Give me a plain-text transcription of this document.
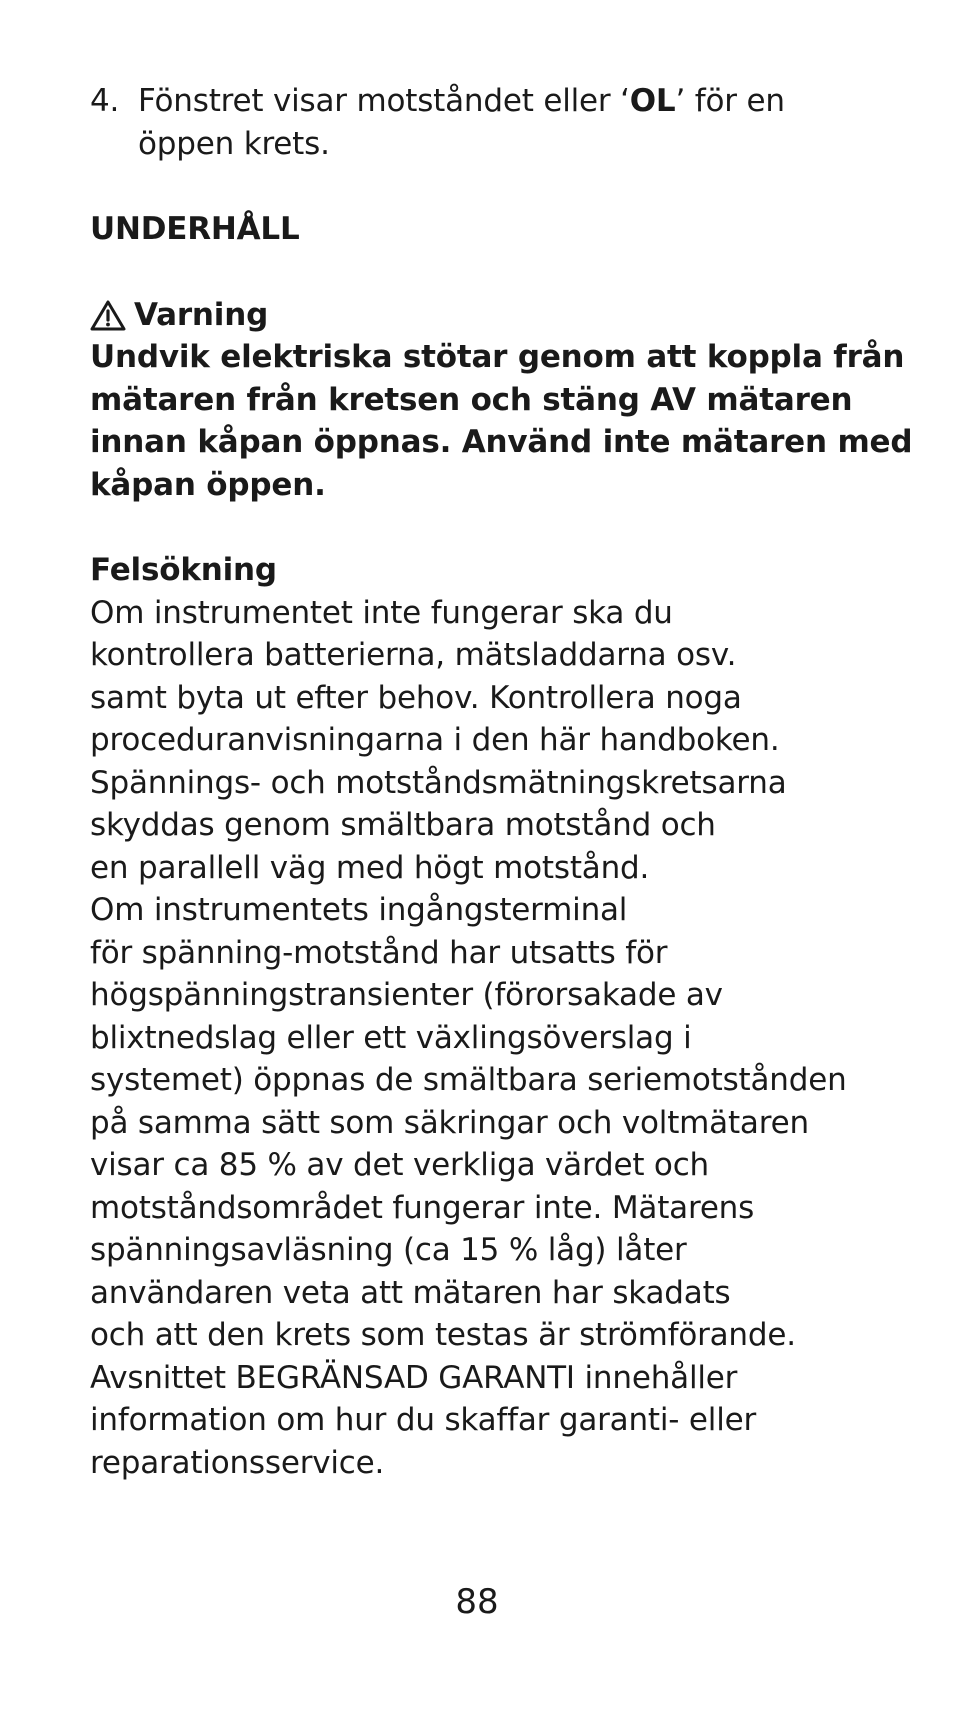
4. Fönstret visar motståndet eller ‘OL’ för en
öppen krets.
UNDERHÅLL
Varning
Undvik elektriska stötar genom att koppla från
mätaren från kretsen och stäng AV mätaren
innan kåpan öppnas. Använd inte mätaren med
kåpan öppen.
Felsökning
Om instrumentet inte fungerar ska du
kontrollera batterierna, mätsladdarna osv.
samt byta ut efter behov. Kontrollera noga
proceduranvisningarna i den här handboken.
Spännings- och motståndsmätningskretsarna
skyddas genom smältbara motstånd och
en parallell väg med högt motstånd.
Om instrumentets ingångsterminal
för spänning-motstånd har utsatts för
högspänningstransienter (förorsakade av
blixtnedslag eller ett växlingsöverslag i
systemet) öppnas de smältbara seriemotstånden
på samma sätt som säkringar och voltmätaren
visar ca 85 % av det verkliga värdet och
motståndsområdet fungerar inte. Mätarens
spänningsavläsning (ca 15 % låg) låter
användaren veta att mätaren har skadats
och att den krets som testas är strömförande.
Avsnittet BEGRÄNSAD GARANTI innehåller
information om hur du skaffar garanti- eller
reparationsservice.
88
